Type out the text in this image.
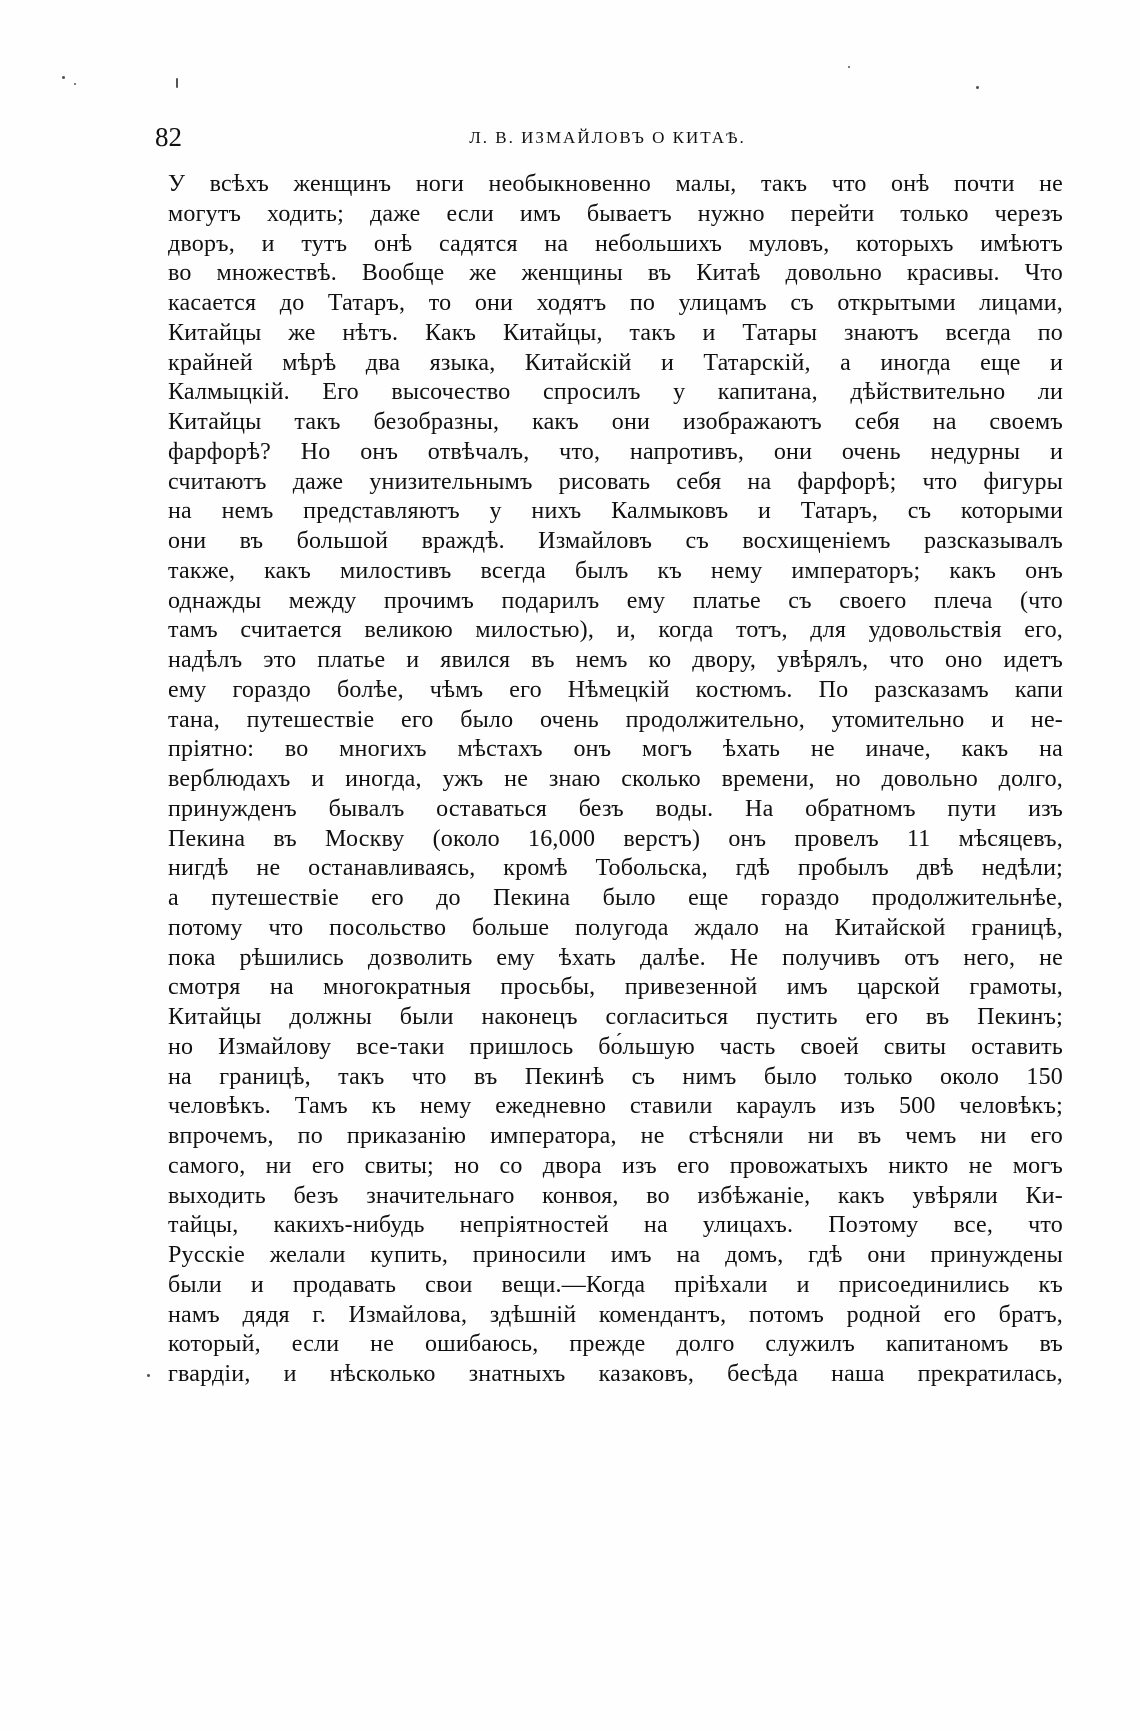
82	Л. В. ИЗМАЙЛОВЪ О КИТАѢ.
У всѣхъ женщинъ ноги необыкновенно малы, такъ что онѣ почти не
могутъ ходить; даже если имъ бываетъ нужно перейти только черезъ
дворъ, и тутъ онѣ садятся на небольшихъ муловъ, которыхъ имѣютъ
во множествѣ. Вообще же женщины въ Китаѣ довольно красивы. Что
касается до Татаръ, то они ходятъ по улицамъ съ открытыми лицами,
Китайцы же нѣтъ. Какъ Китайцы, такъ и Татары знаютъ всегда по
крайней мѣрѣ два языка, Китайскій и Татарскій, а иногда еще и
Калмыцкій. Его высочество спросилъ у капитана, дѣйствительно ли
Китайцы такъ безобразны, какъ они изображаютъ себя на своемъ
фарфорѣ? Но онъ отвѣчалъ, что, напротивъ, они очень недурны и
считаютъ даже унизительнымъ рисовать себя на фарфорѣ; что фигуры
на немъ представляютъ у нихъ Калмыковъ и Татаръ, съ которыми
они въ большой враждѣ. Измайловъ съ восхищеніемъ разсказывалъ
также, какъ милостивъ всегда былъ къ нему императоръ; какъ онъ
однажды между прочимъ подарилъ ему платье съ своего плеча (что
тамъ считается великою милостью), и, когда тотъ, для удовольствія его,
надѣлъ это платье и явился въ немъ ко двору, увѣрялъ, что оно идетъ
ему гораздо болѣе, чѣмъ его Нѣмецкій костюмъ. По разсказамъ капи
тана, путешествіе его было очень продолжительно, утомительно и не-
пріятно: во многихъ мѣстахъ онъ могъ ѣхать не иначе, какъ на
верблюдахъ и иногда, ужъ не знаю сколько времени, но довольно долго,
принужденъ бывалъ оставаться безъ воды. На обратномъ пути изъ
Пекина въ Москву (около 16,000 верстъ) онъ провелъ 11 мѣсяцевъ,
нигдѣ не останавливаясь, кромѣ Тобольска, гдѣ пробылъ двѣ недѣли;
а путешествіе его до Пекина было еще гораздо продолжительнѣе,
потому что посольство больше полугода ждало на Китайской границѣ,
пока рѣшились дозволить ему ѣхать далѣе. Не получивъ отъ него, не
смотря на многократныя просьбы, привезенной имъ царской грамоты,
Китайцы должны были наконецъ согласиться пустить его въ Пекинъ;
но Измайлову все-таки пришлось бо́льшую часть своей свиты оставить
на границѣ, такъ что въ Пекинѣ съ нимъ было только около 150
человѣкъ. Тамъ къ нему ежедневно ставили караулъ изъ 500 человѣкъ;
впрочемъ, по приказанію императора, не стѣсняли ни въ чемъ ни его
самого, ни его свиты; но со двора изъ его провожатыхъ никто не могъ
выходить безъ значительнаго конвоя, во избѣжаніе, какъ увѣряли Ки-
тайцы, какихъ-нибудь непріятностей на улицахъ. Поэтому все, что
Русскіе желали купить, приносили имъ на домъ, гдѣ они принуждены
были и продавать свои вещи.—Когда пріѣхали и присоединились къ
намъ дядя г. Измайлова, здѣшній комендантъ, потомъ родной его братъ,
который, если не ошибаюсь, прежде долго служилъ капитаномъ въ
гвардіи, и нѣсколько знатныхъ казаковъ, бесѣда наша прекратилась,
